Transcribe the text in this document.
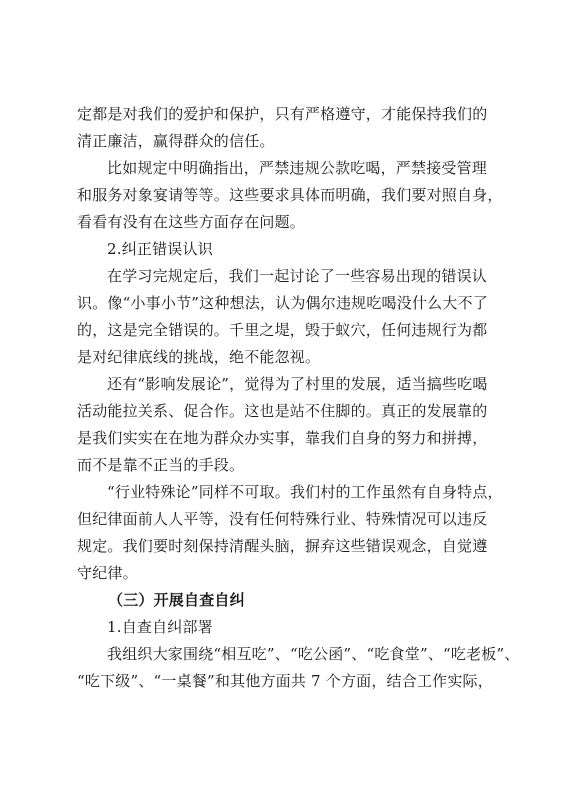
定都是对我们的爱护和保护，只有严格遵守，才能保持我们的
清正廉洁，赢得群众的信任。
比如规定中明确指出，严禁违规公款吃喝，严禁接受管理
和服务对象宴请等等。这些要求具体而明确，我们要对照自身，
看看有没有在这些方面存在问题。
2.纠正错误认识
在学习完规定后，我们一起讨论了一些容易出现的错误认
识。像“小事小节”这种想法，认为偶尔违规吃喝没什么大不了
的，这是完全错误的。千里之堤，毁于蚁穴，任何违规行为都
是对纪律底线的挑战，绝不能忽视。
还有“影响发展论”，觉得为了村里的发展，适当搞些吃喝
活动能拉关系、促合作。这也是站不住脚的。真正的发展靠的
是我们实实在在地为群众办实事，靠我们自身的努力和拼搏，
而不是靠不正当的手段。
“行业特殊论”同样不可取。我们村的工作虽然有自身特点，
但纪律面前人人平等，没有任何特殊行业、特殊情况可以违反
规定。我们要时刻保持清醒头脑，摒弃这些错误观念，自觉遵
守纪律。
（三）开展自查自纠
1.自查自纠部署
我组织大家围绕“相互吃”、“吃公函”、“吃食堂”、“吃老板”、
“吃下级”、“一桌餐”和其他方面共 7 个方面，结合工作实际，
